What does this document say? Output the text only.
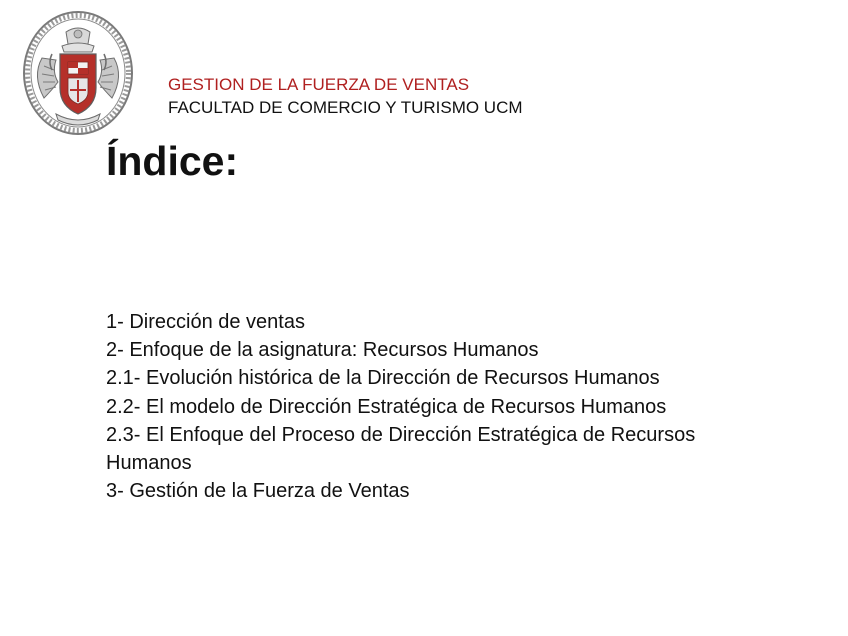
GESTION DE LA FUERZA DE VENTAS
FACULTAD DE COMERCIO Y TURISMO UCM
Índice:
1- Dirección de ventas
2- Enfoque de la asignatura: Recursos Humanos
2.1- Evolución histórica de la Dirección de Recursos Humanos
2.2- El modelo de Dirección Estratégica de Recursos Humanos
2.3- El Enfoque del Proceso de Dirección Estratégica de Recursos Humanos
3- Gestión de la Fuerza de Ventas
